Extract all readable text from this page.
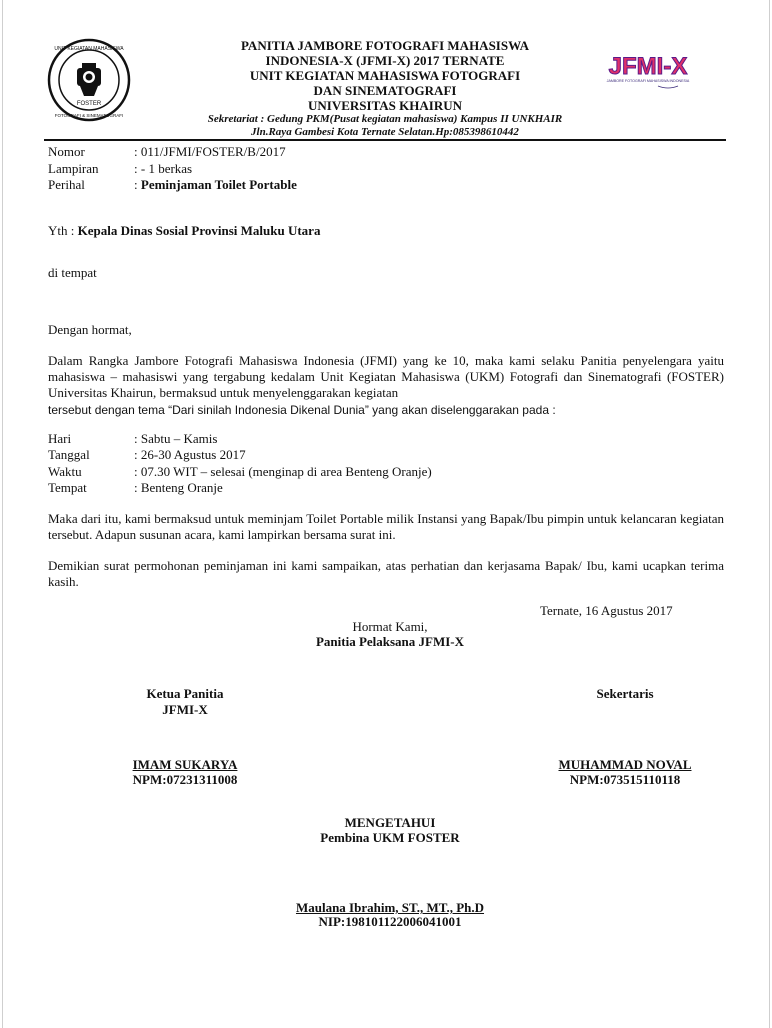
UNIT KEGIATAN MAHASISWA
FOTOGRAFI & SINEMATOGRAFI
FOSTER
PANITIA JAMBORE FOTOGRAFI MAHASISWA
INDONESIA-X (JFMI-X) 2017 TERNATE
UNIT KEGIATAN MAHASISWA FOTOGRAFI
DAN SINEMATOGRAFI
UNIVERSITAS KHAIRUN
Sekretariat : Gedung PKM(Pusat kegiatan mahasiswa) Kampus II UNKHAIR
Jln.Raya Gambesi Kota Ternate Selatan.Hp:085398610442
JFMI-X
JAMBORE FOTOGRAFI MAHASISWA INDONESIA
Nomor	: 011/JFMI/FOSTER/B/2017
Lampiran	: - 1 berkas
Perihal	: Peminjaman Toilet Portable
Yth : Kepala Dinas Sosial Provinsi Maluku Utara
di tempat
Dengan hormat,
Dalam Rangka Jambore Fotografi Mahasiswa Indonesia (JFMI) yang ke 10, maka kami selaku Panitia penyelengara yaitu mahasiswa – mahasiswi yang tergabung kedalam Unit Kegiatan Mahasiswa (UKM) Fotografi dan Sinematografi (FOSTER) Universitas Khairun, bermaksud untuk menyelenggarakan kegiatan
tersebut dengan tema “Dari sinilah Indonesia Dikenal Dunia” yang akan diselenggarakan pada :
Hari	: Sabtu – Kamis
Tanggal	: 26-30 Agustus 2017
Waktu	: 07.30 WIT – selesai (menginap di area Benteng Oranje)
Tempat	: Benteng Oranje
Maka dari itu, kami bermaksud untuk meminjam Toilet Portable milik Instansi yang Bapak/Ibu pimpin untuk kelancaran kegiatan tersebut. Adapun susunan acara, kami lampirkan bersama surat ini.
Demikian surat permohonan peminjaman ini kami sampaikan, atas perhatian dan kerjasama Bapak/ Ibu, kami ucapkan terima kasih.
Ternate, 16 Agustus 2017
Hormat Kami,
Panitia Pelaksana JFMI-X
Ketua Panitia
JFMI-X
Sekertaris
IMAM SUKARYA
NPM:07231311008
MUHAMMAD NOVAL
NPM:073515110118
MENGETAHUI
Pembina UKM FOSTER
Maulana Ibrahim, ST., MT., Ph.D
NIP:198101122006041001
